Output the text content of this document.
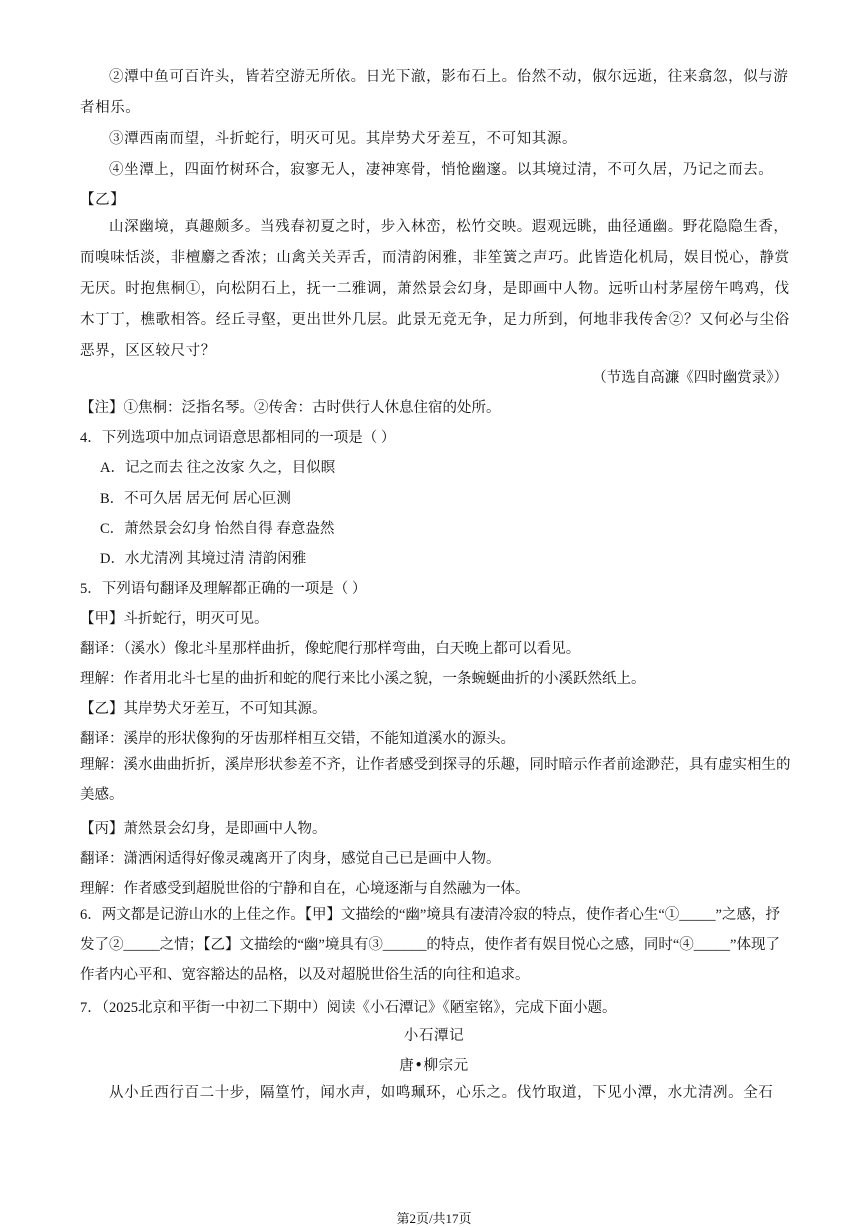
②潭中鱼可百许头，皆若空游无所依。日光下澈，影布石上。佁然不动，俶尔远逝，往来翕忽，似与游者相乐。
③潭西南而望，斗折蛇行，明灭可见。其岸势犬牙差互，不可知其源。
④坐潭上，四面竹树环合，寂寥无人，凄神寒骨，悄怆幽邃。以其境过清，不可久居，乃记之而去。
【乙】
山深幽境，真趣颇多。当残春初夏之时，步入林峦，松竹交映。遐观远眺，曲径通幽。野花隐隐生香，而嗅味恬淡，非檀麝之香浓；山禽关关弄舌，而清韵闲雅，非笙簧之声巧。此皆造化机局，娱目悦心，静赏无厌。时抱焦桐①，向松阴石上，抚一二雅调，萧然景会幻身，是即画中人物。远听山村茅屋傍午鸣鸡，伐木丁丁，樵歌相答。经丘寻壑，更出世外几层。此景无竞无争，足力所到，何地非我传舍②？又何必与尘俗恶界，区区较尺寸？
（节选自高濂《四时幽赏录》）
【注】①焦桐：泛指名琴。②传舍：古时供行人休息住宿的处所。
4．下列选项中加点词语意思都相同的一项是（ ）
A．记之而去 往之汝家 久之，目似瞑
B．不可久居 居无何 居心叵测
C．萧然景会幻身 怡然自得 春意盎然
D．水尤清冽 其境过清 清韵闲雅
5．下列语句翻译及理解都正确的一项是（ ）
【甲】斗折蛇行，明灭可见。
翻译：（溪水）像北斗星那样曲折，像蛇爬行那样弯曲，白天晚上都可以看见。
理解：作者用北斗七星的曲折和蛇的爬行来比小溪之貌，一条蜿蜒曲折的小溪跃然纸上。
【乙】其岸势犬牙差互，不可知其源。
翻译：溪岸的形状像狗的牙齿那样相互交错，不能知道溪水的源头。
理解：溪水曲曲折折，溪岸形状参差不齐，让作者感受到探寻的乐趣，同时暗示作者前途渺茫，具有虚实相生的美感。
【丙】萧然景会幻身，是即画中人物。
翻译：潇洒闲适得好像灵魂离开了肉身，感觉自己已是画中人物。
理解：作者感受到超脱世俗的宁静和自在，心境逐渐与自然融为一体。
6．两文都是记游山水的上佳之作。【甲】文描绘的“幽”境具有凄清冷寂的特点，使作者心生“①_____”之感，抒发了②_____之情；【乙】文描绘的“幽”境具有③______的特点，使作者有娱目悦心之感，同时“④_____”体现了作者内心平和、宽容豁达的品格，以及对超脱世俗生活的向往和追求。
7．（2025北京和平街一中初二下期中）阅读《小石潭记》《陋室铭》，完成下面小题。
小石潭记
唐•柳宗元
从小丘西行百二十步，隔篁竹，闻水声，如鸣珮环，心乐之。伐竹取道，下见小潭，水尤清冽。全石
第2页/共17页
